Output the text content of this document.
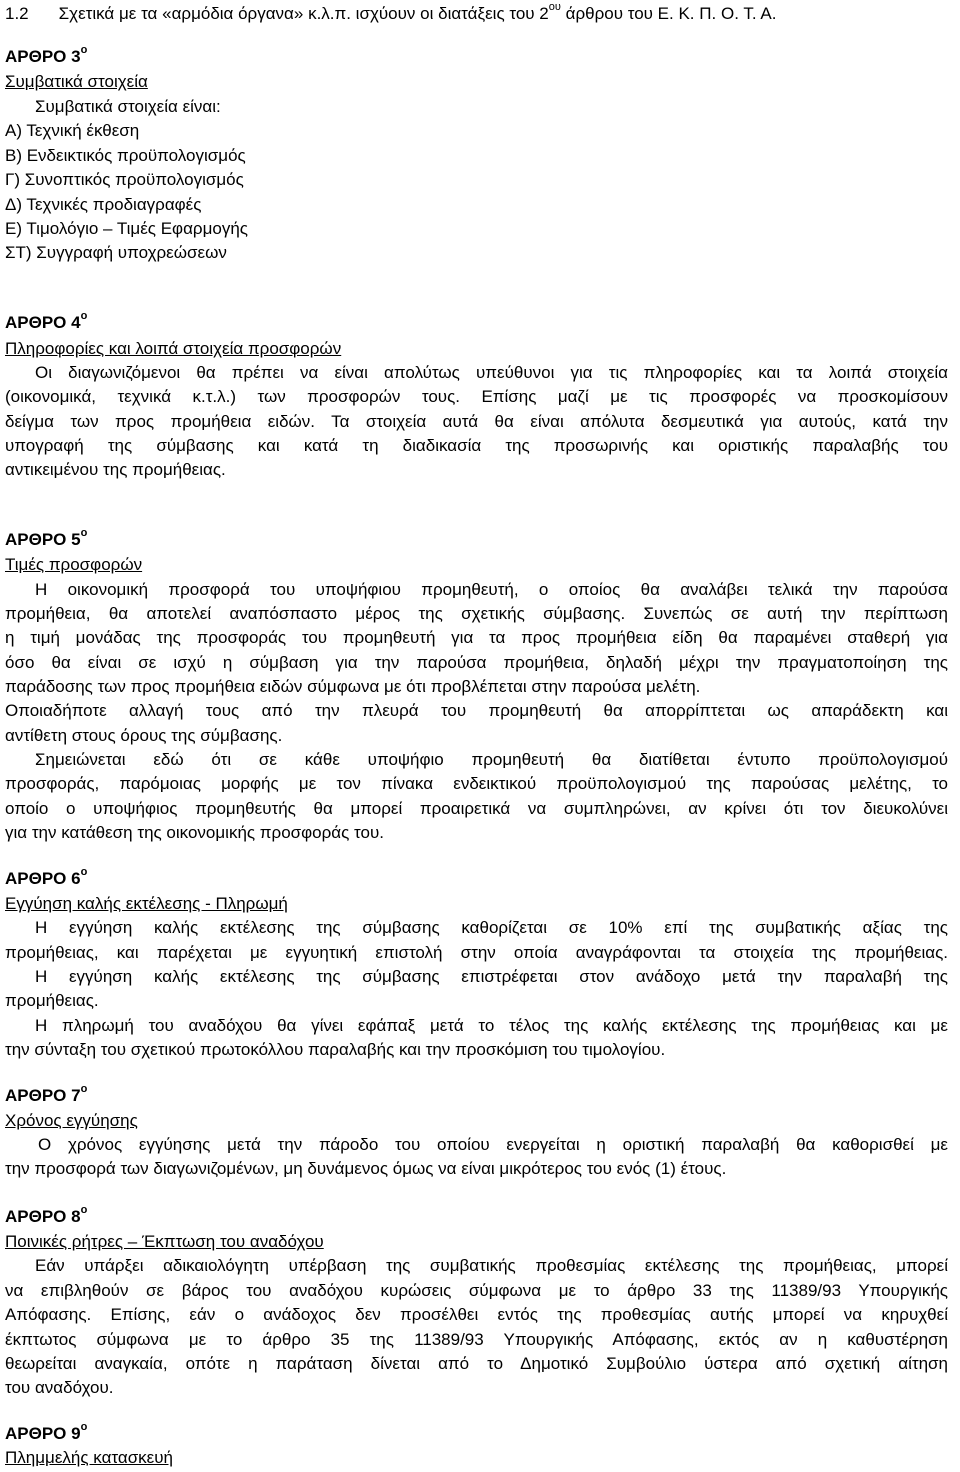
1.2 Σχετικά με τα «αρμόδια όργανα» κ.λ.π. ισχύουν οι διατάξεις του $2^{o\upsilon}$ άρθρου του Ε. Κ. Π. Ο. Τ. Α.
ΑΡΘΡΟ $3^o$
Συμβατικά στοιχεία
Συμβατικά στοιχεία είναι:
Α) Τεχνική έκθεση
Β) Ενδεικτικός προϋπολογισμός
Γ) Συνοπτικός προϋπολογισμός
Δ) Τεχνικές προδιαγραφές
Ε) Τιμολόγιο – Τιμές Εφαρμογής
ΣΤ) Συγγραφή υποχρεώσεων
ΑΡΘΡΟ $4^o$
Πληροφορίες και λοιπά στοιχεία προσφορών
Οι διαγωνιζόμενοι θα πρέπει να είναι απολύτως υπεύθυνοι για τις πληροφορίες και τα λοιπά στοιχεία
(οικονομικά, τεχνικά κ.τ.λ.) των προσφορών τους. Επίσης μαζί με τις προσφορές να προσκομίσουν
δείγμα των προς προμήθεια ειδών. Τα στοιχεία αυτά θα είναι απόλυτα δεσμευτικά για αυτούς, κατά την
υπογραφή της σύμβασης και κατά τη διαδικασία της προσωρινής και οριστικής παραλαβής του
αντικειμένου της προμήθειας.
ΑΡΘΡΟ $5^o$
Τιμές προσφορών
Η οικονομική προσφορά του υποψήφιου προμηθευτή, ο οποίος θα αναλάβει τελικά την παρούσα
προμήθεια, θα αποτελεί αναπόσπαστο μέρος της σχετικής σύμβασης. Συνεπώς σε αυτή την περίπτωση
η τιμή μονάδας της προσφοράς του προμηθευτή για τα προς προμήθεια είδη θα παραμένει σταθερή για
όσο θα είναι σε ισχύ η σύμβαση για την παρούσα προμήθεια, δηλαδή μέχρι την πραγματοποίηση της
παράδοσης των προς προμήθεια ειδών σύμφωνα με ότι προβλέπεται στην παρούσα μελέτη.
Οποιαδήποτε αλλαγή τους από την πλευρά του προμηθευτή θα απορρίπτεται ως απαράδεκτη και
αντίθετη στους όρους της σύμβασης.
Σημειώνεται εδώ ότι σε κάθε υποψήφιο προμηθευτή θα διατίθεται έντυπο προϋπολογισμού
προσφοράς, παρόμοιας μορφής με τον πίνακα ενδεικτικού προϋπολογισμού της παρούσας μελέτης, το
οποίο ο υποψήφιος προμηθευτής θα μπορεί προαιρετικά να συμπληρώνει, αν κρίνει ότι τον διευκολύνει
για την κατάθεση της οικονομικής προσφοράς του.
ΑΡΘΡΟ $6^o$
Εγγύηση καλής εκτέλεσης - Πληρωμή
Η εγγύηση καλής εκτέλεσης της σύμβασης καθορίζεται σε 10% επί της συμβατικής αξίας της
προμήθειας, και παρέχεται με εγγυητική επιστολή στην οποία αναγράφονται τα στοιχεία της προμήθειας.
Η εγγύηση καλής εκτέλεσης της σύμβασης επιστρέφεται στον ανάδοχο μετά την παραλαβή της
προμήθειας.
Η πληρωμή του αναδόχου θα γίνει εφάπαξ μετά το τέλος της καλής εκτέλεσης της προμήθειας και με
την σύνταξη του σχετικού πρωτοκόλλου παραλαβής και την προσκόμιση του τιμολογίου.
ΑΡΘΡΟ $7^o$
Χρόνος εγγύησης
Ο χρόνος εγγύησης μετά την πάροδο του οποίου ενεργείται η οριστική παραλαβή θα καθορισθεί με
την προσφορά των διαγωνιζομένων, μη δυνάμενος όμως να είναι μικρότερος του ενός (1) έτους.
ΑΡΘΡΟ $8^o$
Ποινικές ρήτρες – Έκπτωση του αναδόχου
Εάν υπάρξει αδικαιολόγητη υπέρβαση της συμβατικής προθεσμίας εκτέλεσης της προμήθειας, μπορεί
να επιβληθούν σε βάρος του αναδόχου κυρώσεις σύμφωνα με το άρθρο 33 της 11389/93 Υπουργικής
Απόφασης. Επίσης, εάν ο ανάδοχος δεν προσέλθει εντός της προθεσμίας αυτής μπορεί να κηρυχθεί
έκπτωτος σύμφωνα με το άρθρο 35 της 11389/93 Υπουργικής Απόφασης, εκτός αν η καθυστέρηση
θεωρείται αναγκαία, οπότε η παράταση δίνεται από το Δημοτικό Συμβούλιο ύστερα από σχετική αίτηση
του αναδόχου.
ΑΡΘΡΟ $9^o$
Πλημμελής κατασκευή
